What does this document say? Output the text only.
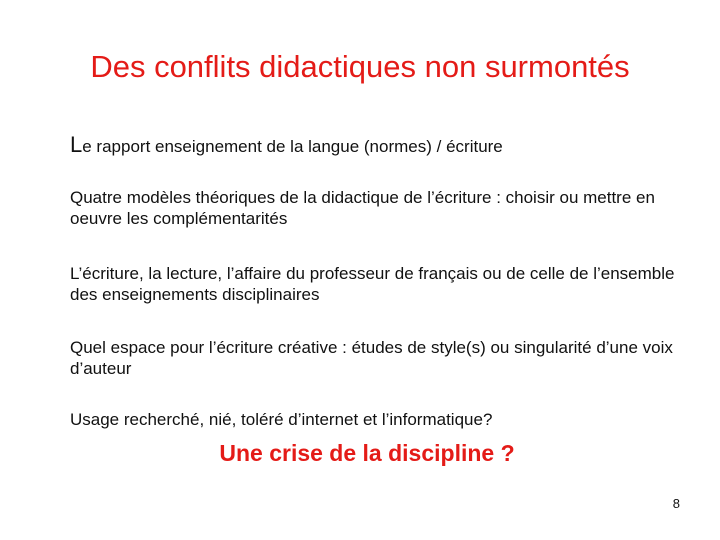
Des conflits didactiques non surmontés
Le rapport enseignement de la langue (normes) / écriture
Quatre modèles théoriques de la didactique de l’écriture : choisir ou mettre en oeuvre les complémentarités
L’écriture, la lecture, l’affaire du professeur de français ou de celle de l’ensemble des enseignements disciplinaires
Quel espace pour l’écriture créative : études de style(s) ou singularité d’une voix d’auteur
Usage recherché, nié, toléré d’internet et l’informatique?
Une crise de la discipline ?
8
